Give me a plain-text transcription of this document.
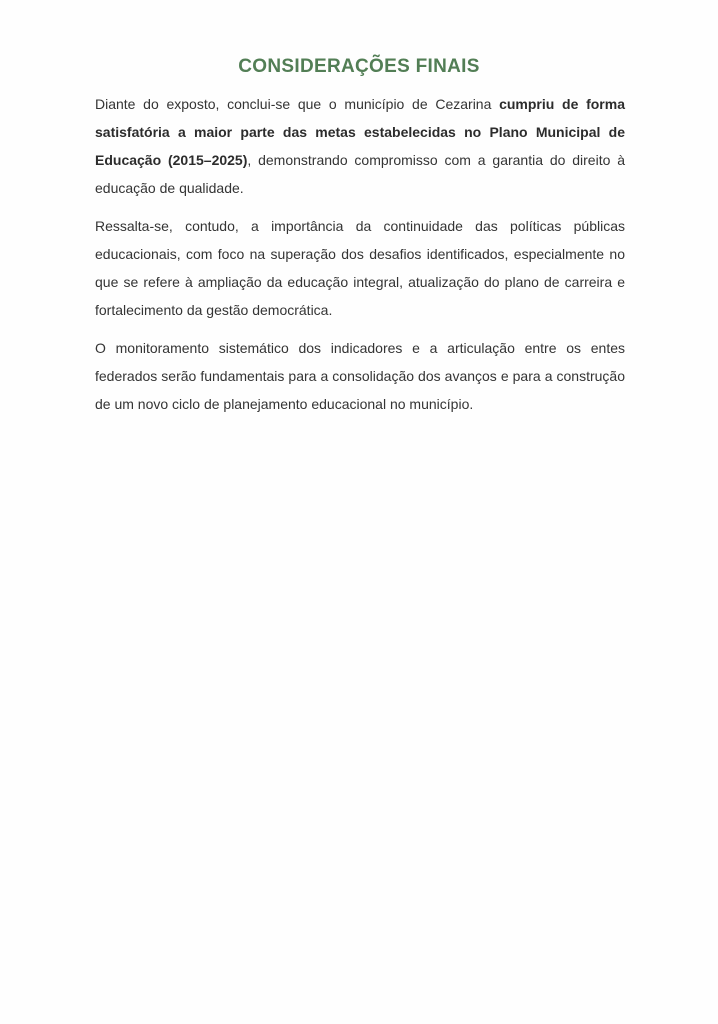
CONSIDERAÇÕES FINAIS

Diante do exposto, conclui-se que o município de Cezarina cumpriu de forma satisfatória a maior parte das metas estabelecidas no Plano Municipal de Educação (2015–2025), demonstrando compromisso com a garantia do direito à educação de qualidade.

Ressalta-se, contudo, a importância da continuidade das políticas públicas educacionais, com foco na superação dos desafios identificados, especialmente no que se refere à ampliação da educação integral, atualização do plano de carreira e fortalecimento da gestão democrática.

O monitoramento sistemático dos indicadores e a articulação entre os entes federados serão fundamentais para a consolidação dos avanços e para a construção de um novo ciclo de planejamento educacional no município.
